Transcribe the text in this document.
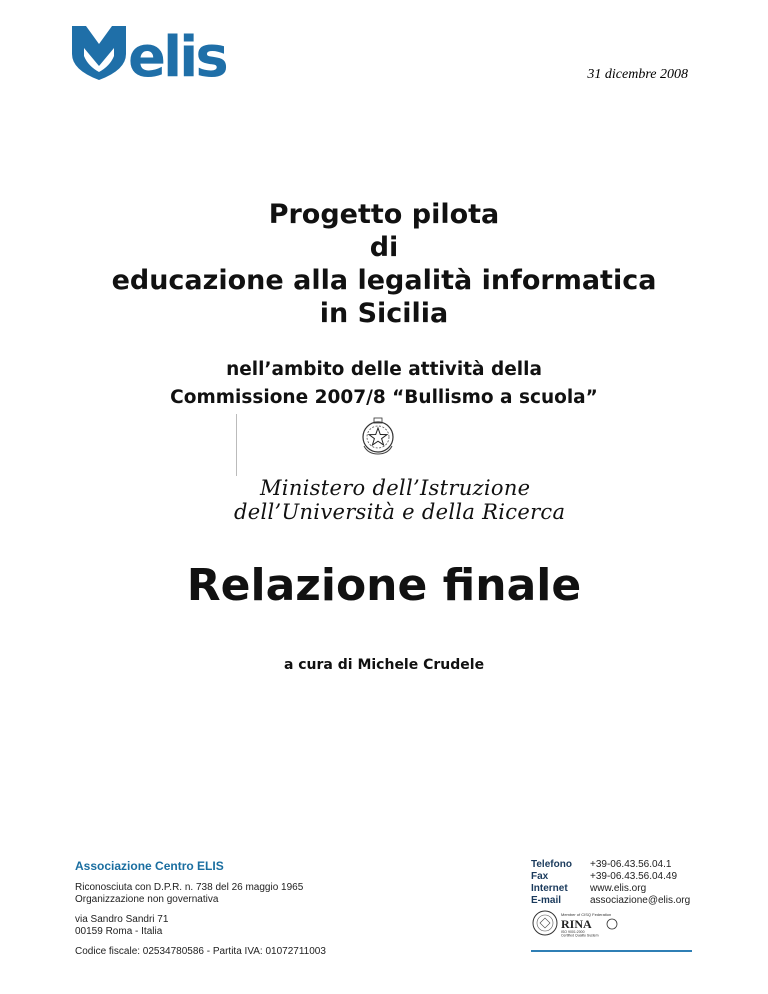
elis	31 dicembre 2008
Progetto pilota
di
educazione alla legalità informatica
in Sicilia
nell’ambito delle attività della
Commissione 2007/8 “Bullismo a scuola”
Ministero dell’Istruzione
dell’Università e della Ricerca
Relazione finale
a cura di Michele Crudele
Associazione Centro ELIS
Riconosciuta con D.P.R. n. 738 del 26 maggio 1965
Organizzazione non governativa
via Sandro Sandri 71
00159 Roma - Italia
Codice fiscale: 02534780586 - Partita IVA: 01072711003
Telefono
Fax
Internet
E-mail
+39-06.43.56.04.1
+39-06.43.56.04.49
www.elis.org
associazione@elis.org
Member of CISQ Federation
RINA
ISO 9001:2000
Certified Quality System
